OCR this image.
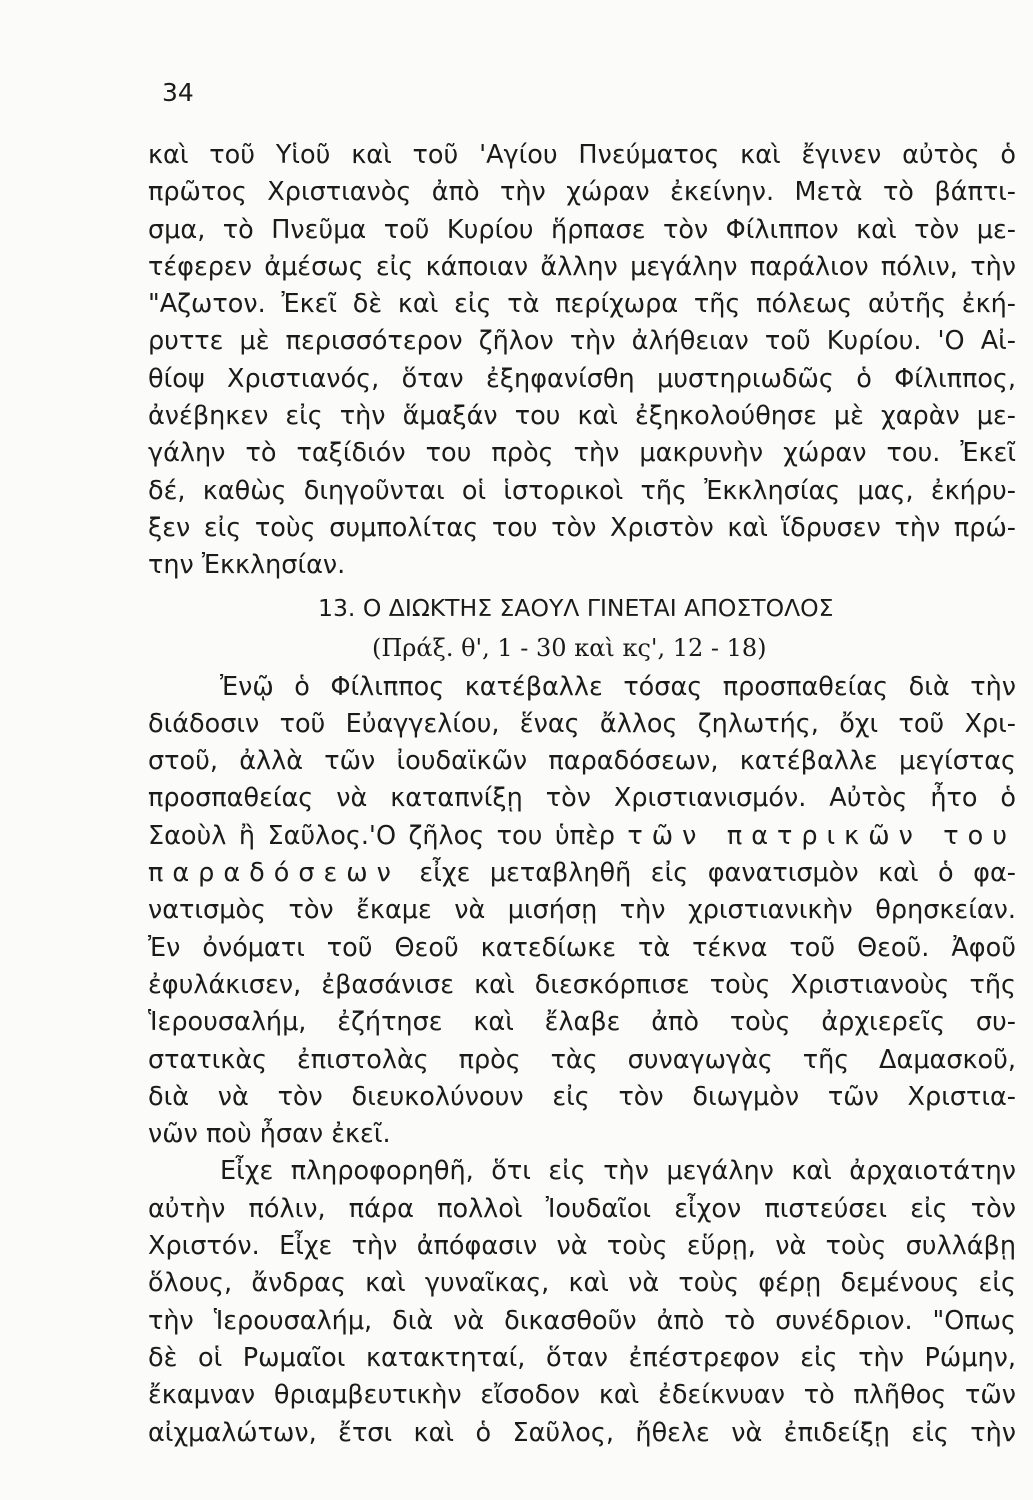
34
καὶ τοῦ Υἱοῦ καὶ τοῦ 'Αγίου Πνεύματος καὶ ἔγινεν αὐτὸς ὁ
πρῶτος Χριστιανὸς ἀπὸ τὴν χώραν ἐκείνην. Μετὰ τὸ βάπτι-
σμα, τὸ Πνεῦμα τοῦ Κυρίου ἥρπασε τὸν Φίλιππον καὶ τὸν με-
τέφερεν ἀμέσως εἰς κάποιαν ἄλλην μεγάλην παράλιον πόλιν, τὴν
"Αζωτον. Ἐκεῖ δὲ καὶ εἰς τὰ περίχωρα τῆς πόλεως αὐτῆς ἐκή-
ρυττε μὲ περισσότερον ζῆλον τὴν ἀλήθειαν τοῦ Κυρίου. 'Ο Αἰ-
θίοψ Χριστιανός, ὅταν ἐξηφανίσθη μυστηριωδῶς ὁ Φίλιππος,
ἀνέβηκεν εἰς τὴν ἅμαξάν του καὶ ἐξηκολούθησε μὲ χαρὰν με-
γάλην τὸ ταξίδιόν του πρὸς τὴν μακρυνὴν χώραν του. Ἐκεῖ
δέ, καθὼς διηγοῦνται οἱ ἱστορικοὶ τῆς Ἐκκλησίας μας, ἐκήρυ-
ξεν εἰς τοὺς συμπολίτας του τὸν Χριστὸν καὶ ἵδρυσεν τὴν πρώ-
την Ἐκκλησίαν.
13. Ο ΔΙΩΚΤΗΣ ΣΑΟΥΛ ΓΙΝΕΤΑΙ ΑΠΟΣΤΟΛΟΣ
(Πράξ. θ', 1 - 30 καὶ κς', 12 - 18)
Ἐνῷ ὁ Φίλιππος κατέβαλλε τόσας προσπαθείας διὰ τὴν
διάδοσιν τοῦ Εὐαγγελίου, ἕνας ἄλλος ζηλωτής, ὄχι τοῦ Χρι-
στοῦ, ἀλλὰ τῶν ἰουδαϊκῶν παραδόσεων, κατέβαλλε μεγίστας
προσπαθείας νὰ καταπνίξῃ τὸν Χριστιανισμόν. Αὐτὸς ἦτο ὁ
Σαοὺλ ἢ Σαῦλος.'Ο ζῆλος του ὑπὲρ τῶν πατρικῶν του
παραδόσεων εἶχε μεταβληθῆ εἰς φανατισμὸν καὶ ὁ φα-
νατισμὸς τὸν ἔκαμε νὰ μισήσῃ τὴν χριστιανικὴν θρησκείαν.
Ἐν ὀνόματι τοῦ Θεοῦ κατεδίωκε τὰ τέκνα τοῦ Θεοῦ. Ἀφοῦ
ἐφυλάκισεν, ἐβασάνισε καὶ διεσκόρπισε τοὺς Χριστιανοὺς τῆς
Ἱερουσαλήμ, ἐζήτησε καὶ ἔλαβε ἀπὸ τοὺς ἀρχιερεῖς συ-
στατικὰς ἐπιστολὰς πρὸς τὰς συναγωγὰς τῆς Δαμασκοῦ,
διὰ νὰ τὸν διευκολύνουν εἰς τὸν διωγμὸν τῶν Χριστια-
νῶν ποὺ ἦσαν ἐκεῖ.
Εἶχε πληροφορηθῆ, ὅτι εἰς τὴν μεγάλην καὶ ἀρχαιοτάτην
αὐτὴν πόλιν, πάρα πολλοὶ Ἰουδαῖοι εἶχον πιστεύσει εἰς τὸν
Χριστόν. Εἶχε τὴν ἀπόφασιν νὰ τοὺς εὕρῃ, νὰ τοὺς συλλάβῃ
ὅλους, ἄνδρας καὶ γυναῖκας, καὶ νὰ τοὺς φέρῃ δεμένους εἰς
τὴν Ἱερουσαλήμ, διὰ νὰ δικασθοῦν ἀπὸ τὸ συνέδριον. "Οπως
δὲ οἱ Ρωμαῖοι κατακτηταί, ὅταν ἐπέστρεφον εἰς τὴν Ρώμην,
ἔκαμναν θριαμβευτικὴν εἴσοδον καὶ ἐδείκνυαν τὸ πλῆθος τῶν
αἰχμαλώτων, ἔτσι καὶ ὁ Σαῦλος, ἤθελε νὰ ἐπιδείξῃ εἰς τὴν
